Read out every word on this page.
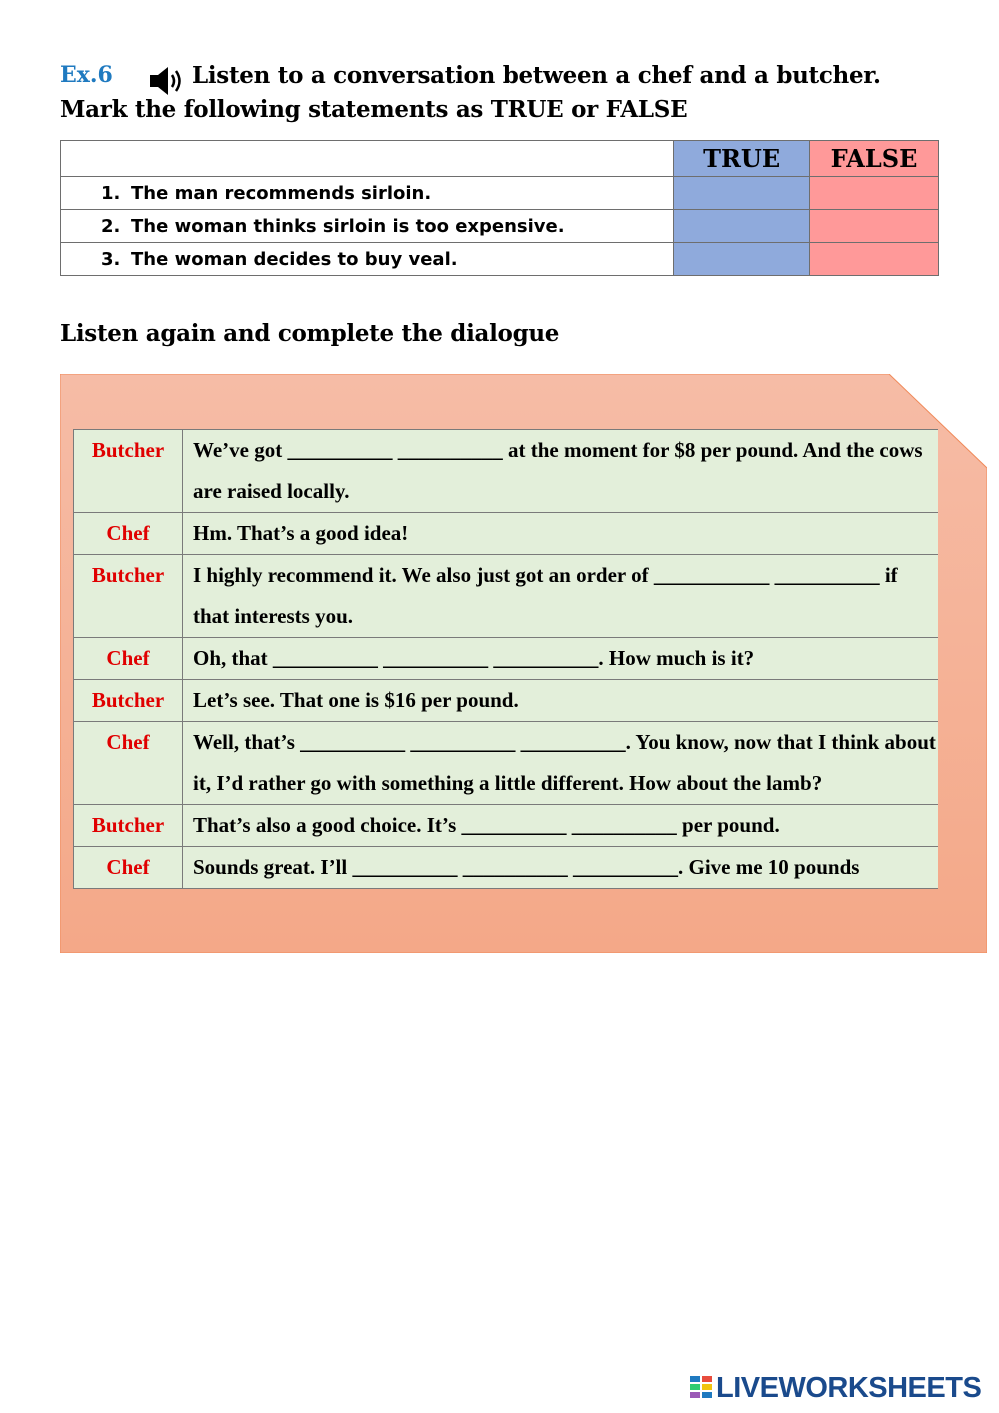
Ex.6	Listen to a conversation between a chef and a butcher.
Mark the following statements as TRUE or FALSE
	TRUE	FALSE
1. The man recommends sirloin.		
2. The woman thinks sirloin is too expensive.		
3. The woman decides to buy veal.		
Listen again and complete the dialogue
Butcher	We’ve got __________ __________ at the moment for $8 per pound. And the cows are raised locally.
Chef	Hm. That’s a good idea!
Butcher	I highly recommend it. We also just got an order of ___________ __________ if that interests you.
Chef	Oh, that __________ __________ __________. How much is it?
Butcher	Let’s see. That one is $16 per pound.
Chef	Well, that’s __________ __________ __________. You know, now that I think about it, I’d rather go with something a little different. How about the lamb?
Butcher	That’s also a good choice. It’s __________ __________ per pound.
Chef	Sounds great. I’ll __________ __________ __________. Give me 10 pounds
LIVEWORKSHEETS
